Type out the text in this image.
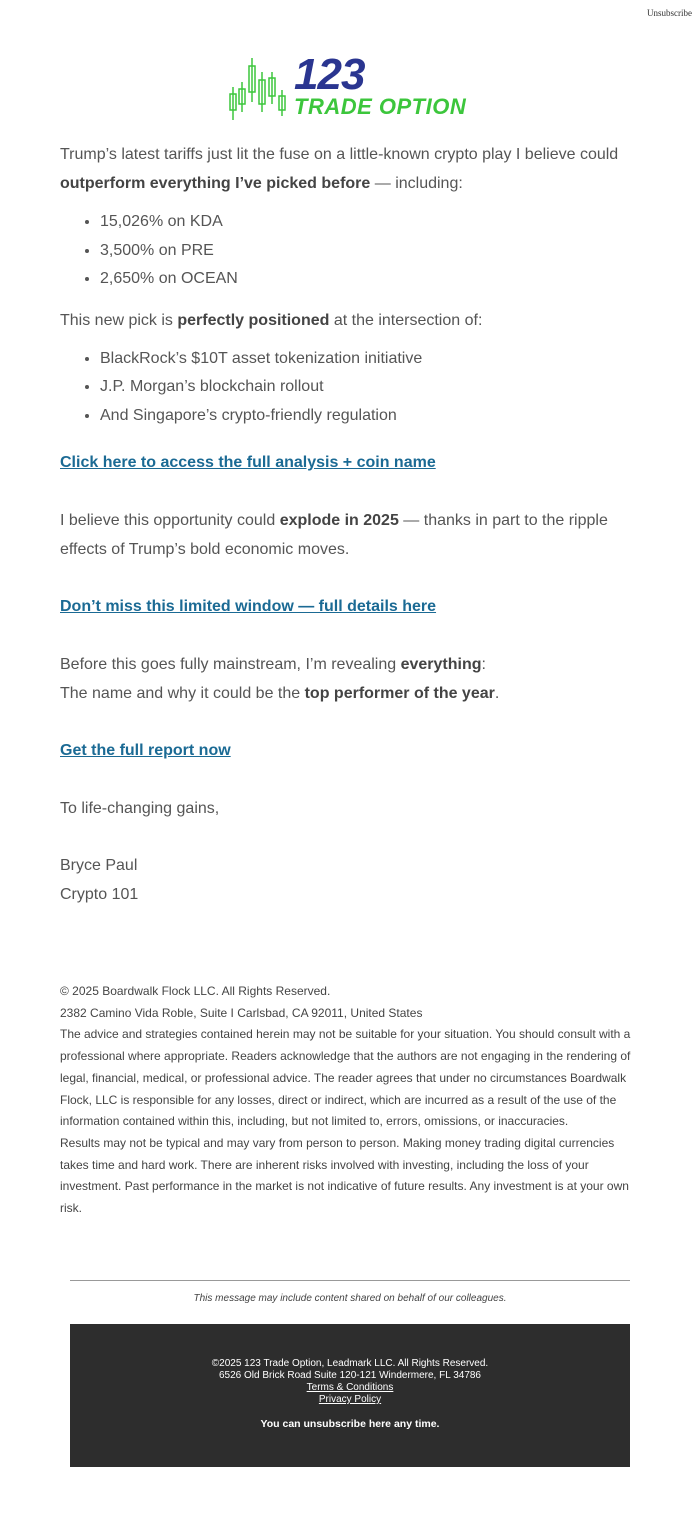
Unsubscribe
123
TRADE OPTION

Trump’s latest tariffs just lit the fuse on a little-known crypto play I believe could outperform everything I’ve picked before — including:

• 15,026% on KDA
• 3,500% on PRE
• 2,650% on OCEAN

This new pick is perfectly positioned at the intersection of:

• BlackRock’s $10T asset tokenization initiative
• J.P. Morgan’s blockchain rollout
• And Singapore’s crypto-friendly regulation
Click here to access the full analysis + coin name

I believe this opportunity could explode in 2025 — thanks in part to the ripple effects of Trump’s bold economic moves.

Don’t miss this limited window — full details here

Before this goes fully mainstream, I’m revealing everything:
The name and why it could be the top performer of the year.

Get the full report now

To life-changing gains,

Bryce Paul

Crypto 101

© 2025 Boardwalk Flock LLC. All Rights Reserved.
2382 Camino Vida Roble, Suite I Carlsbad, CA 92011, United States
The advice and strategies contained herein may not be suitable for your situation. You should consult with a professional where appropriate. Readers acknowledge that the authors are not engaging in the rendering of legal, financial, medical, or professional advice. The reader agrees that under no circumstances Boardwalk Flock, LLC is responsible for any losses, direct or indirect, which are incurred as a result of the use of the information contained within this, including, but not limited to, errors, omissions, or inaccuracies.
Results may not be typical and may vary from person to person. Making money trading digital currencies takes time and hard work. There are inherent risks involved with investing, including the loss of your investment. Past performance in the market is not indicative of future results. Any investment is at your own risk.
This message may include content shared on behalf of our colleagues.
©2025 123 Trade Option, Leadmark LLC. All Rights Reserved.
6526 Old Brick Road Suite 120-121 Windermere, FL 34786
Terms & Conditions
Privacy Policy
You can unsubscribe here any time.
